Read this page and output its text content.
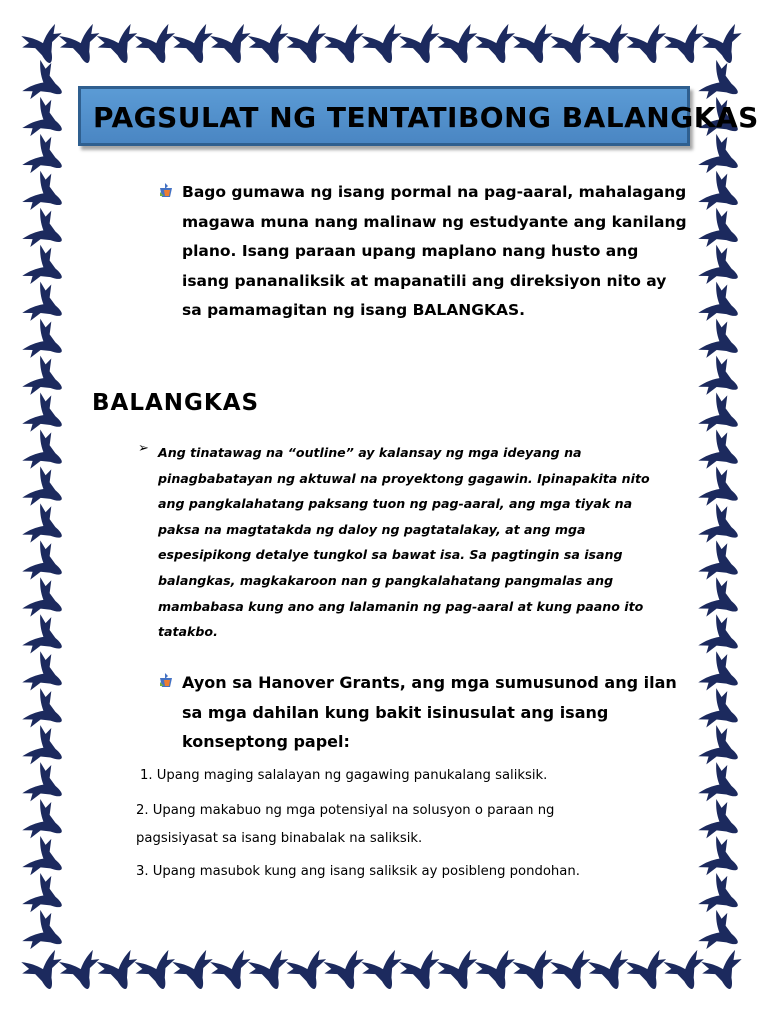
PAGSULAT NG TENTATIBONG BALANGKAS

Bago gumawa ng isang pormal na pag-aaral, mahalagang magawa muna nang malinaw ng estudyante ang kanilang plano. Isang paraan upang maplano nang husto ang isang pananaliksik at mapanatili ang direksiyon nito ay sa pamamagitan ng isang BALANGKAS.

BALANGKAS
➢ Ang tinatawag na “outline” ay kalansay ng mga ideyang na pinagbabatayan ng aktuwal na proyektong gagawin. Ipinapakita nito ang pangkalahatang paksang tuon ng pag-aaral, ang mga tiyak na paksa na magtatakda ng daloy ng pagtatalakay, at ang mga espesipikong detalye tungkol sa bawat isa. Sa pagtingin sa isang balangkas, magkakaroon nan g pangkalahatang pangmalas ang mambabasa kung ano ang lalamanin ng pag-aaral at kung paano ito tatakbo.

Ayon sa Hanover Grants, ang mga sumusunod ang ilan sa mga dahilan kung bakit isinusulat ang isang konseptong papel:

1. Upang maging salalayan ng gagawing panukalang saliksik.

2. Upang makabuo ng mga potensiyal na solusyon o paraan ng pagsisiyasat sa isang binabalak na saliksik.

3. Upang masubok kung ang isang saliksik ay posibleng pondohan.
